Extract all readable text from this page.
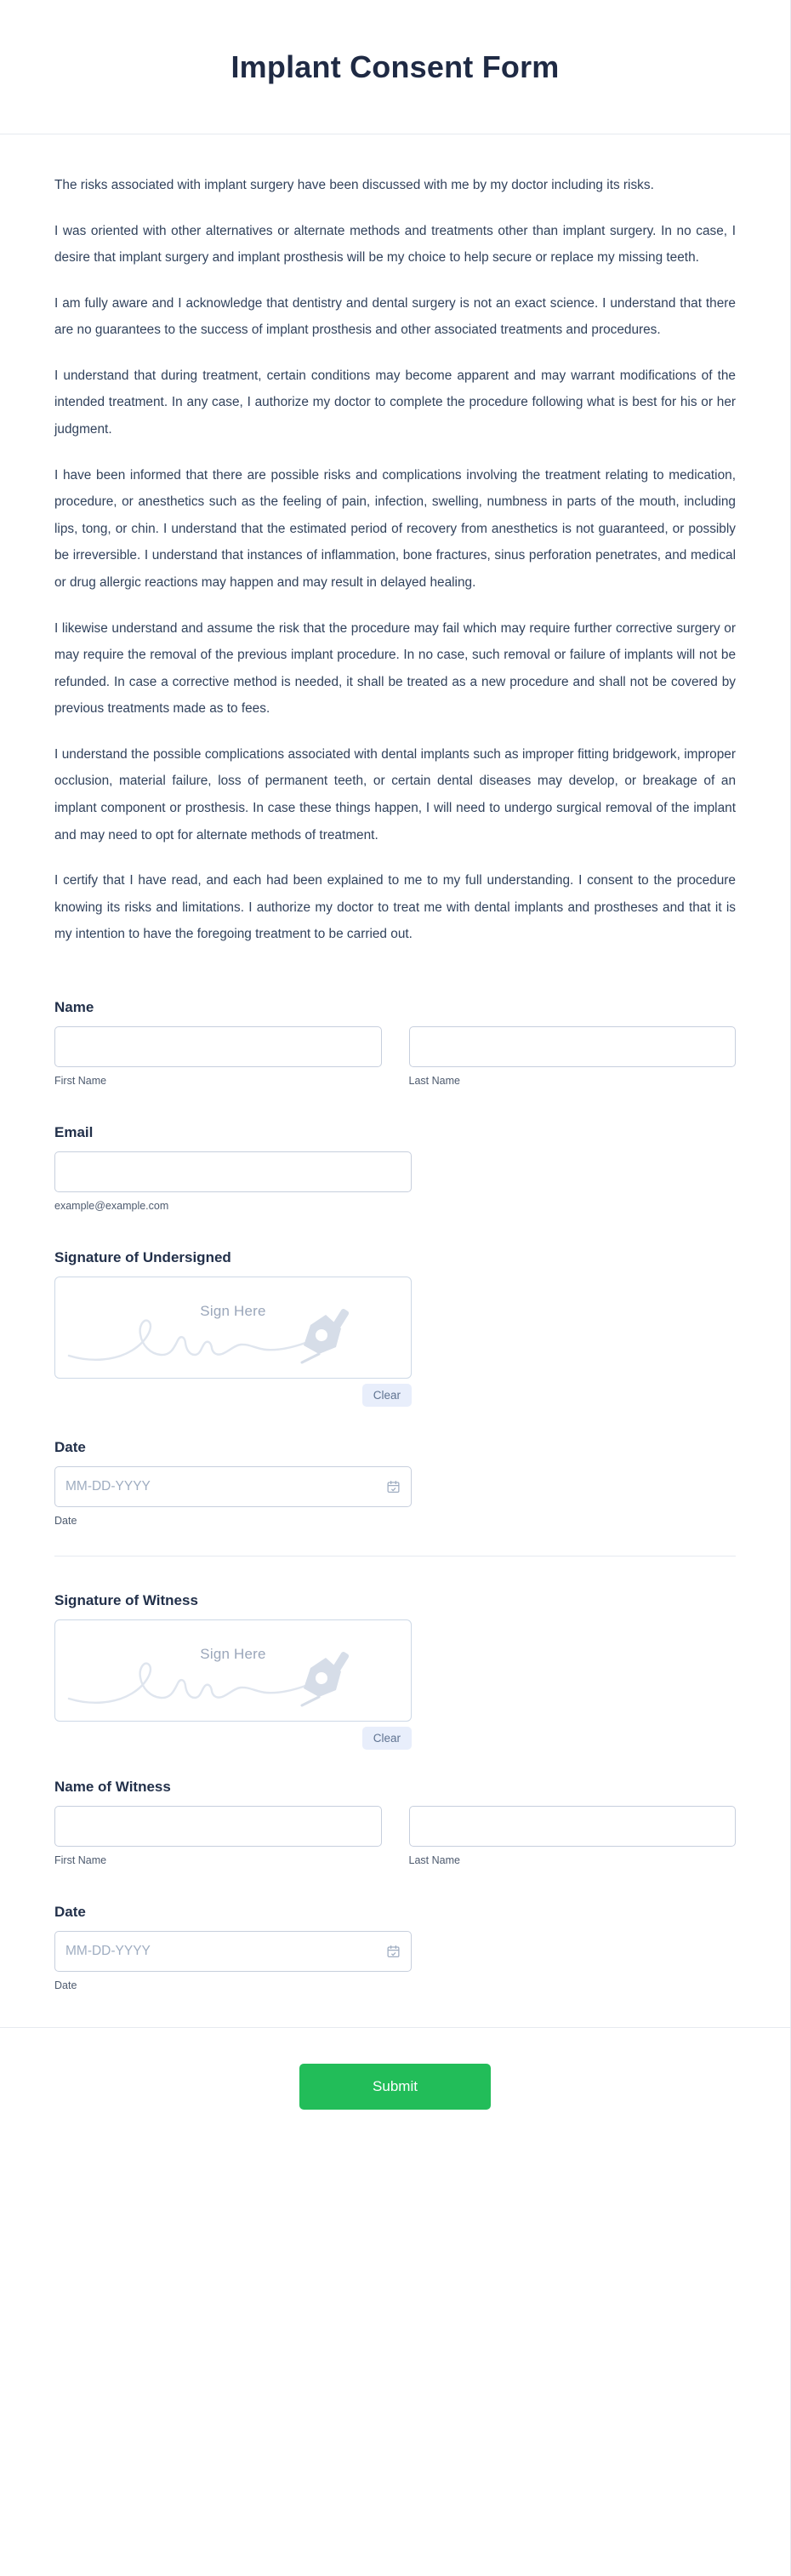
Implant Consent Form

The risks associated with implant surgery have been discussed with me by my doctor including its risks.

I was oriented with other alternatives or alternate methods and treatments other than implant surgery. In no case, I desire that implant surgery and implant prosthesis will be my choice to help secure or replace my missing teeth.

I am fully aware and I acknowledge that dentistry and dental surgery is not an exact science. I understand that there are no guarantees to the success of implant prosthesis and other associated treatments and procedures.

I understand that during treatment, certain conditions may become apparent and may warrant modifications of the intended treatment. In any case, I authorize my doctor to complete the procedure following what is best for his or her judgment.

I have been informed that there are possible risks and complications involving the treatment relating to medication, procedure, or anesthetics such as the feeling of pain, infection, swelling, numbness in parts of the mouth, including lips, tong, or chin. I understand that the estimated period of recovery from anesthetics is not guaranteed, or possibly be irreversible. I understand that instances of inflammation, bone fractures, sinus perforation penetrates, and medical or drug allergic reactions may happen and may result in delayed healing.

I likewise understand and assume the risk that the procedure may fail which may require further corrective surgery or may require the removal of the previous implant procedure. In no case, such removal or failure of implants will not be refunded. In case a corrective method is needed, it shall be treated as a new procedure and shall not be covered by previous treatments made as to fees.

I understand the possible complications associated with dental implants such as improper fitting bridgework, improper occlusion, material failure, loss of permanent teeth, or certain dental diseases may develop, or breakage of an implant component or prosthesis. In case these things happen, I will need to undergo surgical removal of the implant and may need to opt for alternate methods of treatment.

I certify that I have read, and each had been explained to me to my full understanding. I consent to the procedure knowing its risks and limitations. I authorize my doctor to treat me with dental implants and prostheses and that it is my intention to have the foregoing treatment to be carried out.

Name
First Name	Last Name
Email
example@example.com
Signature of Undersigned
Sign Here
Clear
Date
MM-DD-YYYY
Date
Signature of Witness
Sign Here
Clear
Name of Witness
First Name	Last Name
Date
MM-DD-YYYY
Date
Submit
